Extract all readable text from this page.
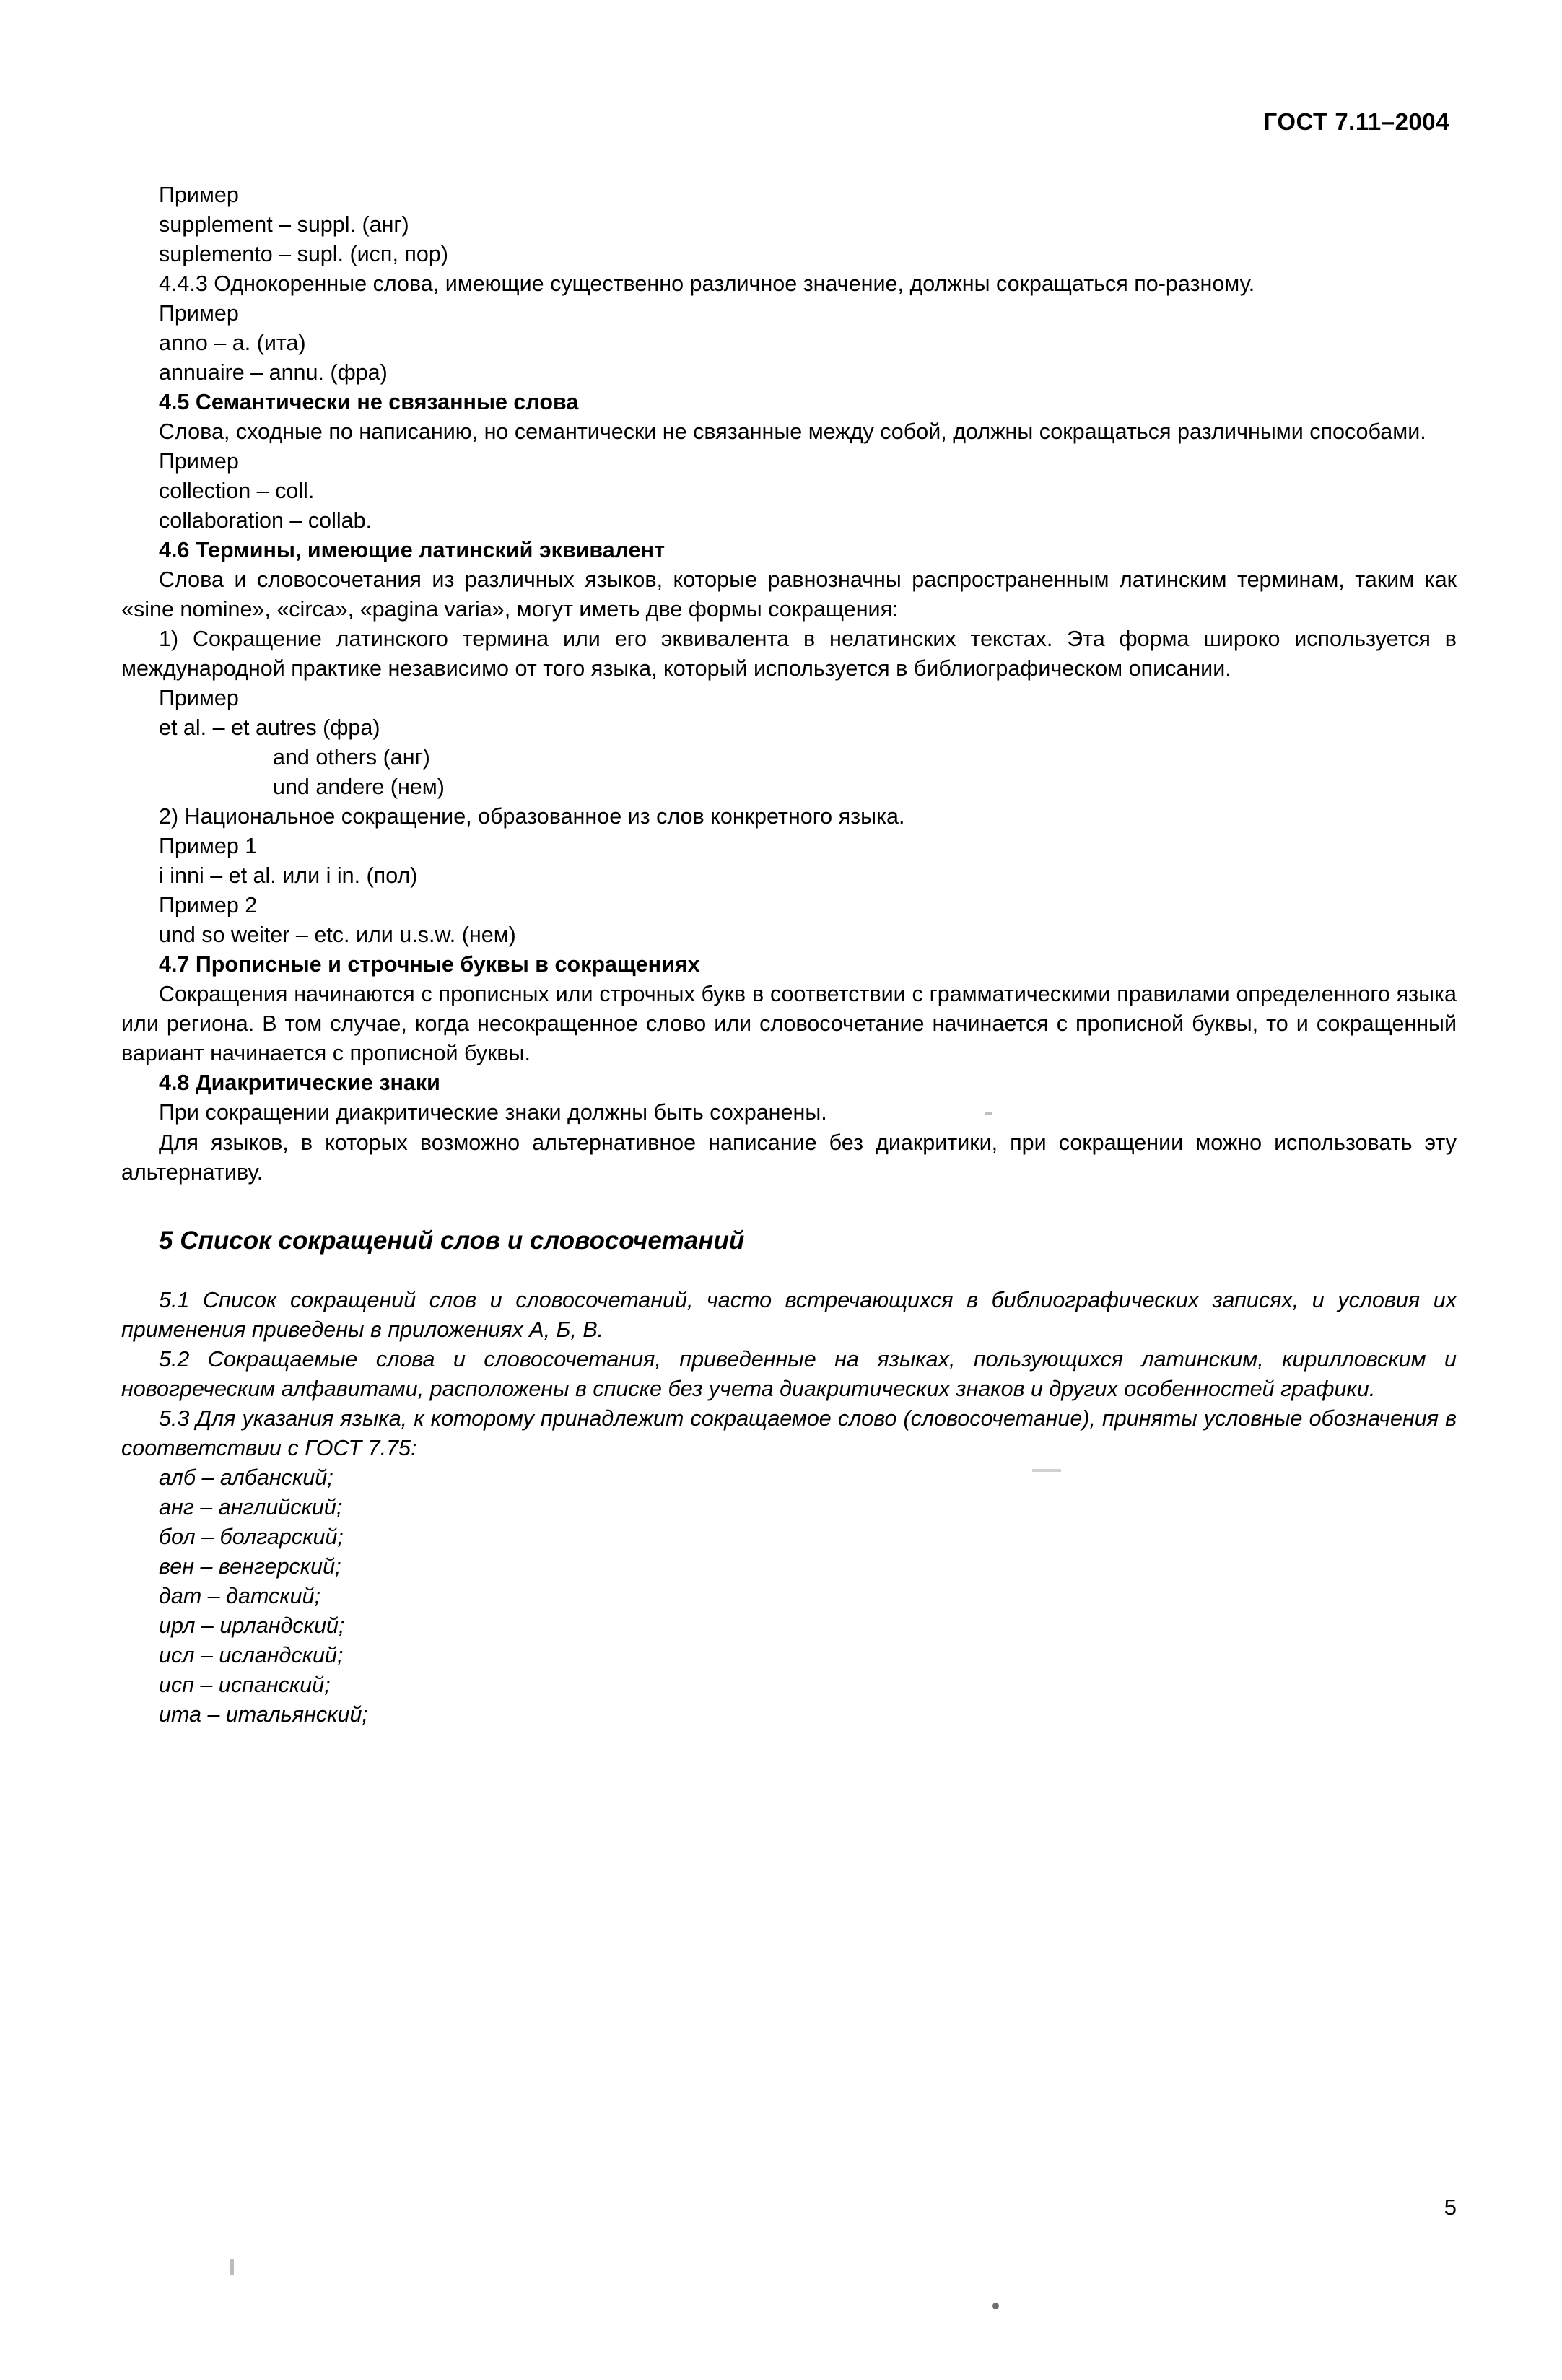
ГОСТ 7.11–2004
Пример
supplement – suppl. (анг)
suplemento – supl. (исп, пор)
4.4.3 Однокоренные слова, имеющие существенно различное значение, должны сокращаться по-разному.
Пример
anno – a. (ита)
annuaire – annu. (фра)
4.5 Семантически не связанные слова
Слова, сходные по написанию, но семантически не связанные между собой, должны сокращаться различными способами.
Пример
collection – coll.
collaboration – collab.
4.6 Термины, имеющие латинский эквивалент
Слова и словосочетания из различных языков, которые равнозначны распространенным латинским терминам, таким как «sine nomine», «circa», «pagina varia», могут иметь две формы сокращения:
1) Сокращение латинского термина или его эквивалента в нелатинских текстах. Эта форма широко используется в международной практике независимо от того языка, который используется в библиографическом описании.
Пример
et al. – et autres (фра)
and others (анг)
und andere (нем)
2) Национальное сокращение, образованное из слов конкретного языка.
Пример 1
i inni – et al. или i in. (пол)
Пример 2
und so weiter – etc. или u.s.w. (нем)
4.7 Прописные и строчные буквы в сокращениях
Сокращения начинаются с прописных или строчных букв в соответствии с грамматическими правилами определенного языка или региона. В том случае, когда несокращенное слово или словосочетание начинается с прописной буквы, то и сокращенный вариант начинается с прописной буквы.
4.8 Диакритические знаки
При сокращении диакритические знаки должны быть сохранены.
Для языков, в которых возможно альтернативное написание без диакритики, при сокращении можно использовать эту альтернативу.
5 Список сокращений слов и словосочетаний
5.1 Список сокращений слов и словосочетаний, часто встречающихся в библиографических записях, и условия их применения приведены в приложениях А, Б, В.
5.2 Сокращаемые слова и словосочетания, приведенные на языках, пользующихся латинским, кирилловским и новогреческим алфавитами, расположены в списке без учета диакритических знаков и других особенностей графики.
5.3 Для указания языка, к которому принадлежит сокращаемое слово (словосочетание), приняты условные обозначения в соответствии с ГОСТ 7.75:
алб – албанский;
анг – английский;
бол – болгарский;
вен – венгерский;
дат – датский;
ирл – ирландский;
исл – исландский;
исп – испанский;
ита – итальянский;
5
